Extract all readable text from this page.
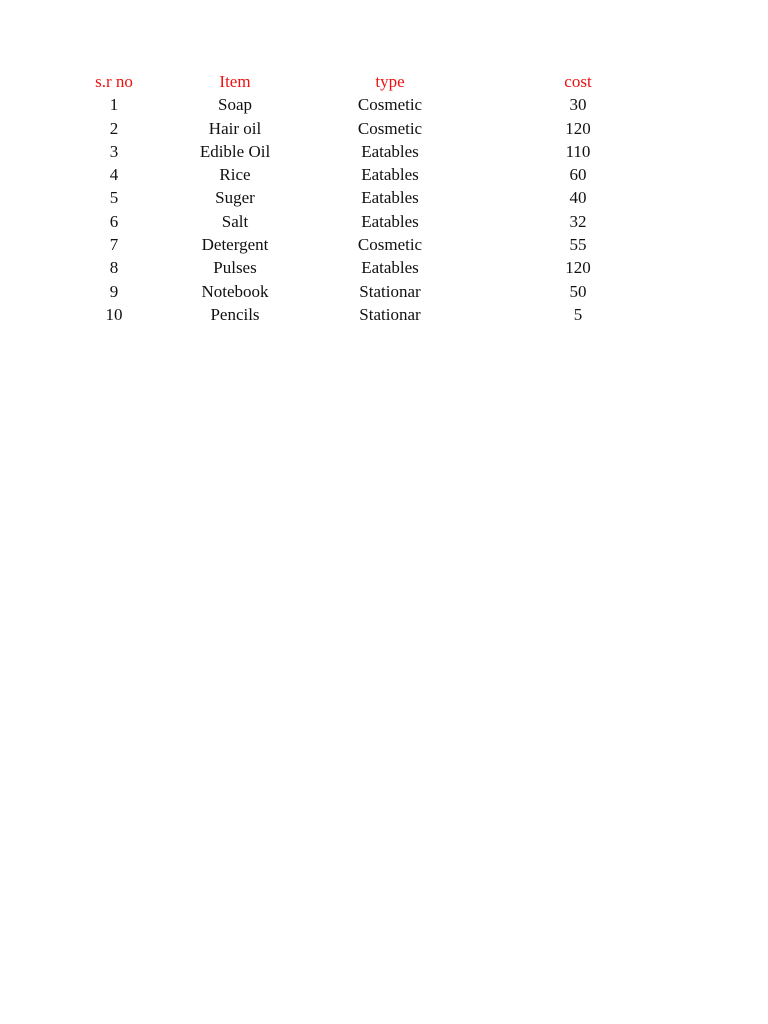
s.r no	Item	type	cost
1	Soap	Cosmetic	30
2	Hair oil	Cosmetic	120
3	Edible Oil	Eatables	110
4	Rice	Eatables	60
5	Suger	Eatables	40
6	Salt	Eatables	32
7	Detergent	Cosmetic	55
8	Pulses	Eatables	120
9	Notebook	Stationar	50
10	Pencils	Stationar	5
